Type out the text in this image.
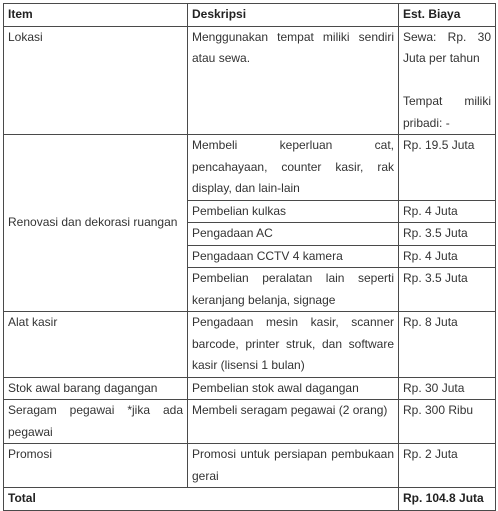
Item	Deskripsi	Est. Biaya
Lokasi	Menggunakan tempat miliki sendiri atau sewa.	Sewa: Rp. 30 Juta per tahun
Tempat miliki pribadi: -

Renovasi dan dekorasi ruangan	Membeli keperluan cat, pencahayaan, counter kasir, rak display, dan lain-lain	Rp. 19.5 Juta
	Pembelian kulkas	Rp. 4 Juta
	Pengadaan AC	Rp. 3.5 Juta
	Pengadaan CCTV 4 kamera	Rp. 4 Juta
	Pembelian peralatan lain seperti keranjang belanja, signage	Rp. 3.5 Juta
Alat kasir	Pengadaan mesin kasir, scanner barcode, printer struk, dan software kasir (lisensi 1 bulan)	Rp. 8 Juta
Stok awal barang dagangan	Pembelian stok awal dagangan	Rp. 30 Juta
Seragam pegawai *jika ada pegawai	Membeli seragam pegawai (2 orang)	Rp. 300 Ribu
Promosi	Promosi untuk persiapan pembukaan gerai	Rp. 2 Juta
Total		Rp. 104.8 Juta
